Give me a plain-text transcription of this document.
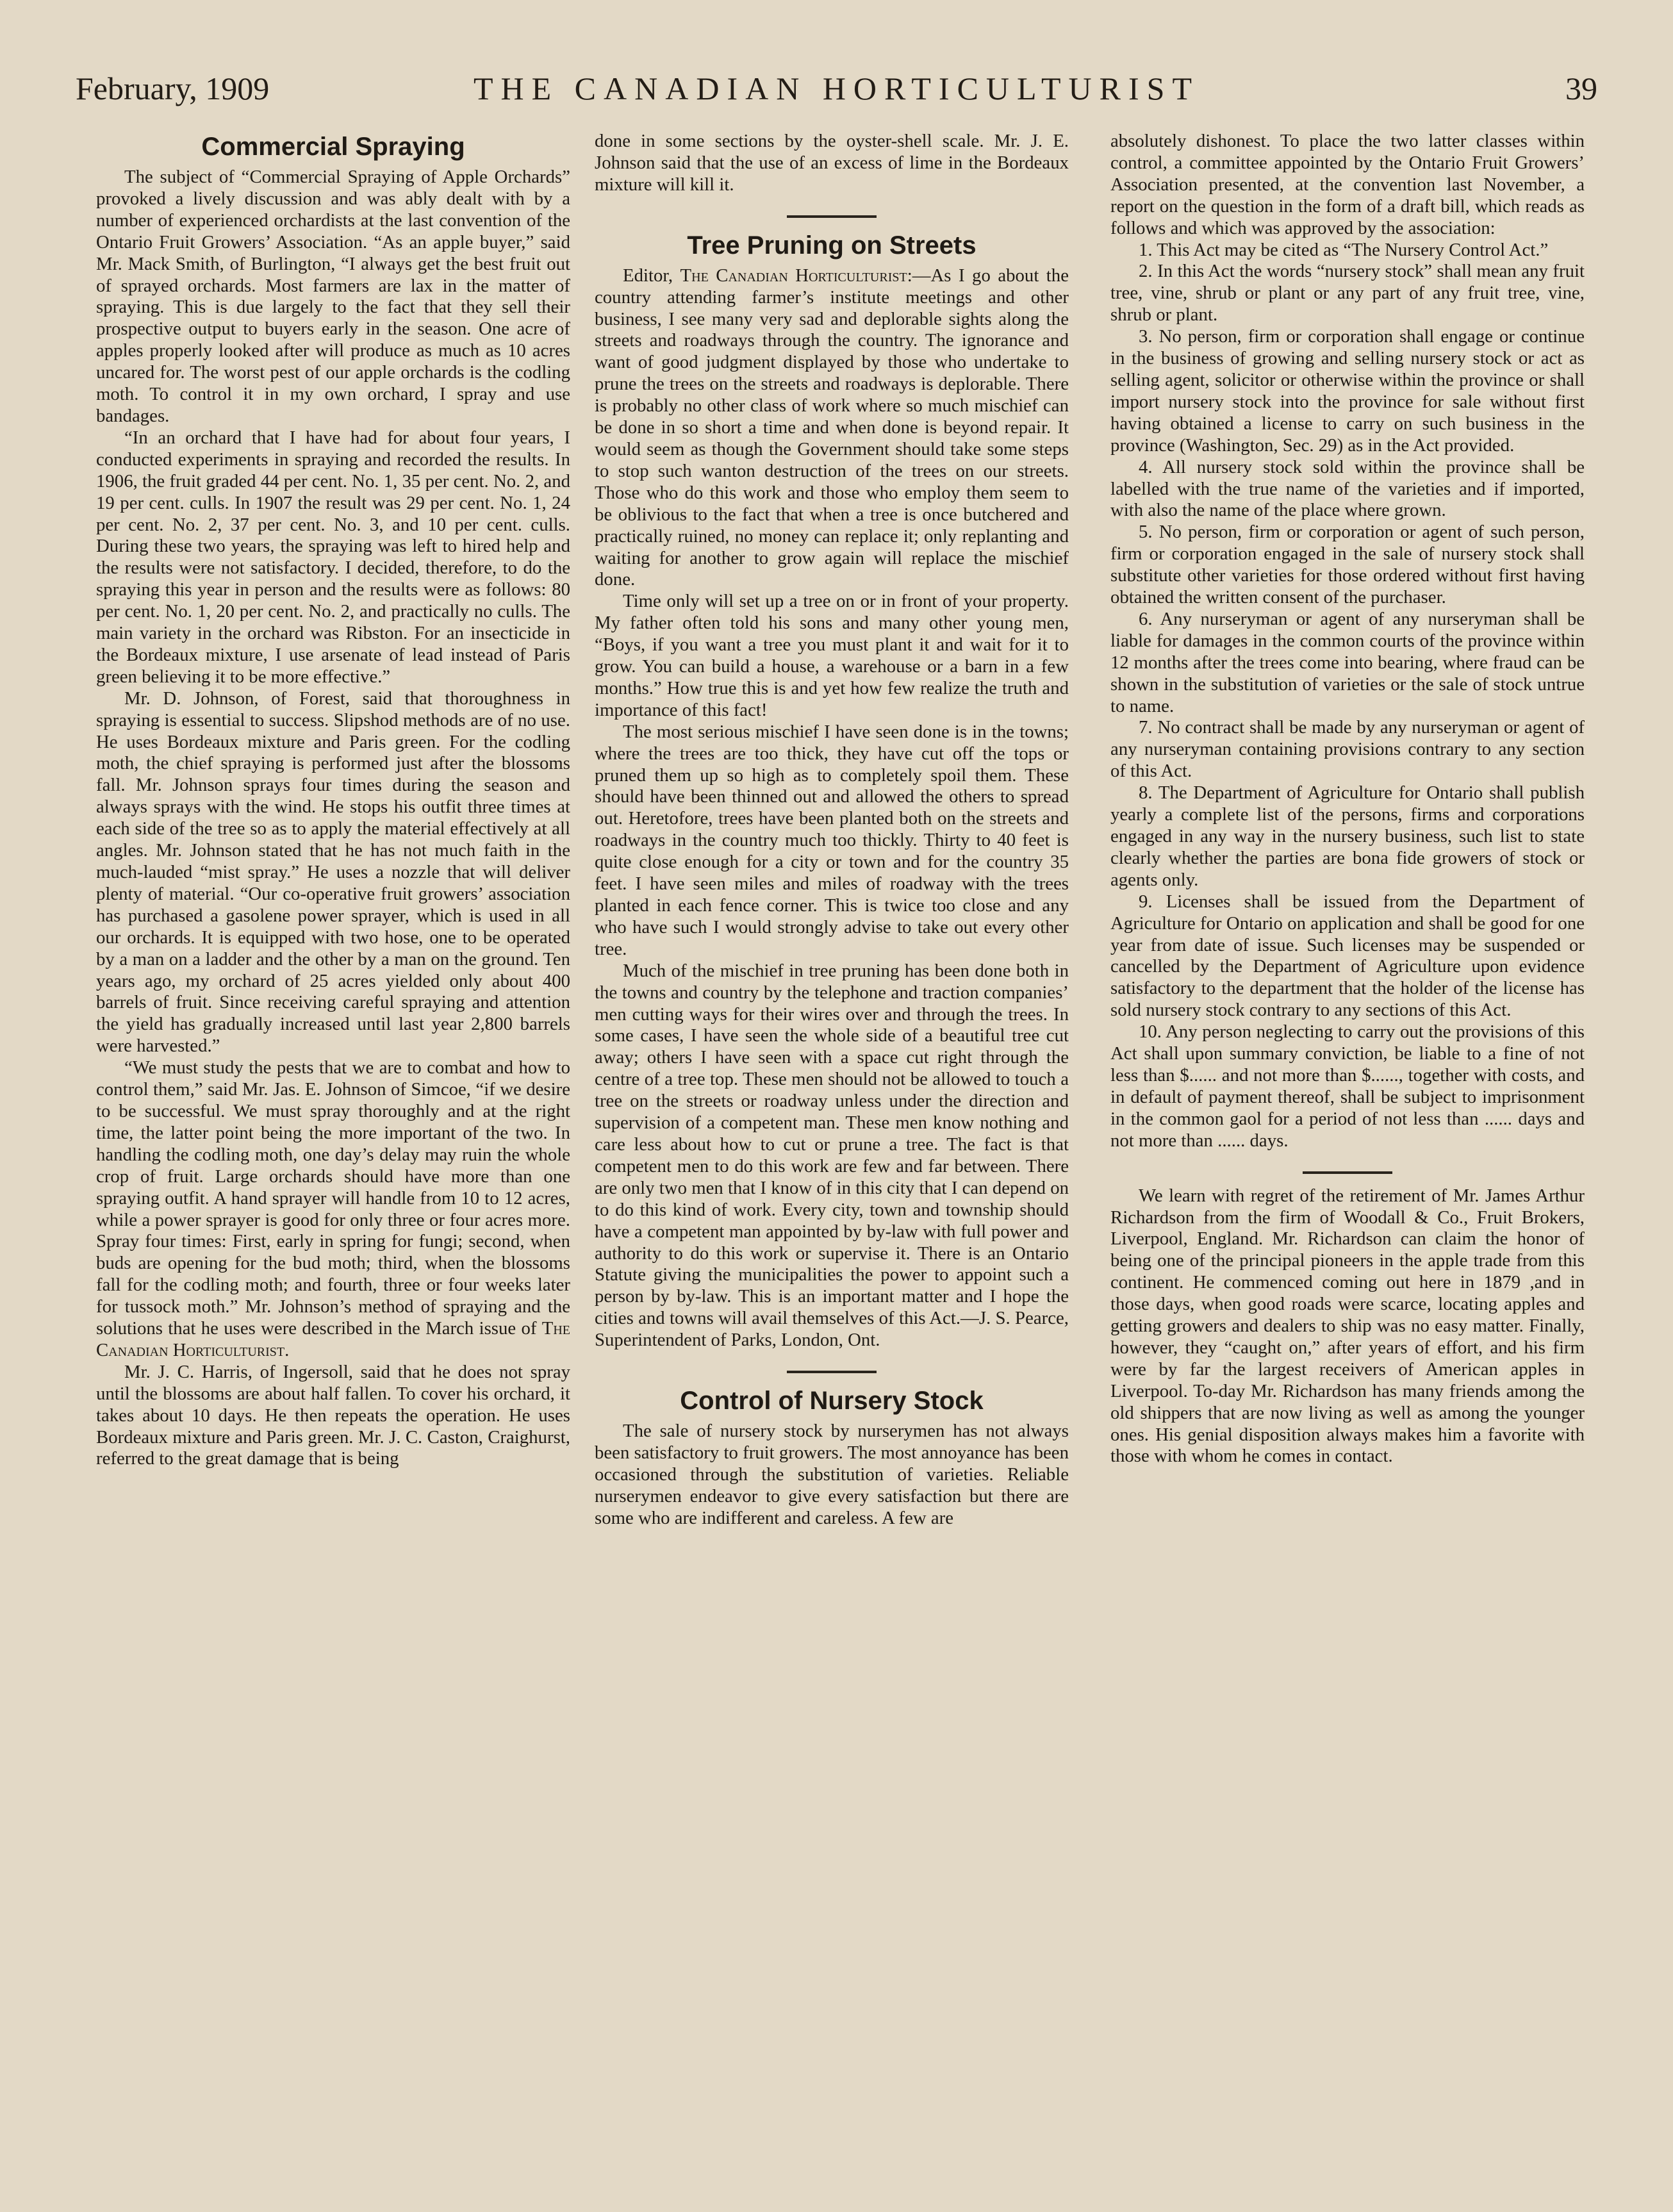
February, 1909	THE CANADIAN HORTICULTURIST	39
Commercial Spraying

The subject of “Commercial Spraying of Apple Orchards” provoked a lively discussion and was ably dealt with by a number of experienced orchardists at the last convention of the Ontario Fruit Growers’ Association. “As an apple buyer,” said Mr. Mack Smith, of Burlington, “I always get the best fruit out of sprayed orchards. Most farmers are lax in the matter of spraying. This is due largely to the fact that they sell their prospective output to buyers early in the season. One acre of apples properly looked after will produce as much as 10 acres uncared for. The worst pest of our apple orchards is the codling moth. To control it in my own orchard, I spray and use bandages.

“In an orchard that I have had for about four years, I conducted experiments in spraying and recorded the results. In 1906, the fruit graded 44 per cent. No. 1, 35 per cent. No. 2, and 19 per cent. culls. In 1907 the result was 29 per cent. No. 1, 24 per cent. No. 2, 37 per cent. No. 3, and 10 per cent. culls. During these two years, the spraying was left to hired help and the results were not satisfactory. I decided, therefore, to do the spraying this year in person and the results were as follows: 80 per cent. No. 1, 20 per cent. No. 2, and practically no culls. The main variety in the orchard was Ribston. For an insecticide in the Bordeaux mixture, I use arsenate of lead instead of Paris green believing it to be more effective.”

Mr. D. Johnson, of Forest, said that thoroughness in spraying is essential to success. Slipshod methods are of no use. He uses Bordeaux mixture and Paris green. For the codling moth, the chief spraying is performed just after the blossoms fall. Mr. Johnson sprays four times during the season and always sprays with the wind. He stops his outfit three times at each side of the tree so as to apply the material effectively at all angles. Mr. Johnson stated that he has not much faith in the much-lauded “mist spray.” He uses a nozzle that will deliver plenty of material. “Our co-operative fruit growers’ association has purchased a gasolene power sprayer, which is used in all our orchards. It is equipped with two hose, one to be operated by a man on a ladder and the other by a man on the ground. Ten years ago, my orchard of 25 acres yielded only about 400 barrels of fruit. Since receiving careful spraying and attention the yield has gradually increased until last year 2,800 barrels were harvested.”

“We must study the pests that we are to combat and how to control them,” said Mr. Jas. E. Johnson of Simcoe, “if we desire to be successful. We must spray thoroughly and at the right time, the latter point being the more important of the two. In handling the codling moth, one day’s delay may ruin the whole crop of fruit. Large orchards should have more than one spraying outfit. A hand sprayer will handle from 10 to 12 acres, while a power sprayer is good for only three or four acres more. Spray four times: First, early in spring for fungi; second, when buds are opening for the bud moth; third, when the blossoms fall for the codling moth; and fourth, three or four weeks later for tussock moth.” Mr. Johnson’s method of spraying and the solutions that he uses were described in the March issue of The Canadian Horticulturist.

Mr. J. C. Harris, of Ingersoll, said that he does not spray until the blossoms are about half fallen. To cover his orchard, it takes about 10 days. He then repeats the operation. He uses Bordeaux mixture and Paris green. Mr. J. C. Caston, Craighurst, referred to the great damage that is being

done in some sections by the oyster-shell scale. Mr. J. E. Johnson said that the use of an excess of lime in the Bordeaux mixture will kill it.

Tree Pruning on Streets

Editor, The Canadian Horticulturist:—As I go about the country attending farmer’s institute meetings and other business, I see many very sad and deplorable sights along the streets and roadways through the country. The ignorance and want of good judgment displayed by those who undertake to prune the trees on the streets and roadways is deplorable. There is probably no other class of work where so much mischief can be done in so short a time and when done is beyond repair. It would seem as though the Government should take some steps to stop such wanton destruction of the trees on our streets. Those who do this work and those who employ them seem to be oblivious to the fact that when a tree is once butchered and practically ruined, no money can replace it; only replanting and waiting for another to grow again will replace the mischief done.

Time only will set up a tree on or in front of your property. My father often told his sons and many other young men, “Boys, if you want a tree you must plant it and wait for it to grow. You can build a house, a warehouse or a barn in a few months.” How true this is and yet how few realize the truth and importance of this fact!

The most serious mischief I have seen done is in the towns; where the trees are too thick, they have cut off the tops or pruned them up so high as to completely spoil them. These should have been thinned out and allowed the others to spread out. Heretofore, trees have been planted both on the streets and roadways in the country much too thickly. Thirty to 40 feet is quite close enough for a city or town and for the country 35 feet. I have seen miles and miles of roadway with the trees planted in each fence corner. This is twice too close and any who have such I would strongly advise to take out every other tree.

Much of the mischief in tree pruning has been done both in the towns and country by the telephone and traction companies’ men cutting ways for their wires over and through the trees. In some cases, I have seen the whole side of a beautiful tree cut away; others I have seen with a space cut right through the centre of a tree top. These men should not be allowed to touch a tree on the streets or roadway unless under the direction and supervision of a competent man. These men know nothing and care less about how to cut or prune a tree. The fact is that competent men to do this work are few and far between. There are only two men that I know of in this city that I can depend on to do this kind of work. Every city, town and township should have a competent man appointed by by-law with full power and authority to do this work or supervise it. There is an Ontario Statute giving the municipalities the power to appoint such a person by by-law. This is an important matter and I hope the cities and towns will avail themselves of this Act.—J. S. Pearce, Superintendent of Parks, London, Ont.

Control of Nursery Stock

The sale of nursery stock by nurserymen has not always been satisfactory to fruit growers. The most annoyance has been occasioned through the substitution of varieties. Reliable nurserymen endeavor to give every satisfaction but there are some who are indifferent and careless. A few are

absolutely dishonest. To place the two latter classes within control, a committee appointed by the Ontario Fruit Growers’ Association presented, at the convention last November, a report on the question in the form of a draft bill, which reads as follows and which was approved by the association:

1. This Act may be cited as “The Nursery Control Act.”

2. In this Act the words “nursery stock” shall mean any fruit tree, vine, shrub or plant or any part of any fruit tree, vine, shrub or plant.

3. No person, firm or corporation shall engage or continue in the business of growing and selling nursery stock or act as selling agent, solicitor or otherwise within the province or shall import nursery stock into the province for sale without first having obtained a license to carry on such business in the province (Washington, Sec. 29) as in the Act provided.

4. All nursery stock sold within the province shall be labelled with the true name of the varieties and if imported, with also the name of the place where grown.

5. No person, firm or corporation or agent of such person, firm or corporation engaged in the sale of nursery stock shall substitute other varieties for those ordered without first having obtained the written consent of the purchaser.

6. Any nurseryman or agent of any nurseryman shall be liable for damages in the common courts of the province within 12 months after the trees come into bearing, where fraud can be shown in the substitution of varieties or the sale of stock untrue to name.

7. No contract shall be made by any nurseryman or agent of any nurseryman containing provisions contrary to any section of this Act.

8. The Department of Agriculture for Ontario shall publish yearly a complete list of the persons, firms and corporations engaged in any way in the nursery business, such list to state clearly whether the parties are bona fide growers of stock or agents only.

9. Licenses shall be issued from the Department of Agriculture for Ontario on application and shall be good for one year from date of issue. Such licenses may be suspended or cancelled by the Department of Agriculture upon evidence satisfactory to the department that the holder of the license has sold nursery stock contrary to any sections of this Act.

10. Any person neglecting to carry out the provisions of this Act shall upon summary conviction, be liable to a fine of not less than $...... and not more than $......, together with costs, and in default of payment thereof, shall be subject to imprisonment in the common gaol for a period of not less than ...... days and not more than ...... days.

We learn with regret of the retirement of Mr. James Arthur Richardson from the firm of Woodall & Co., Fruit Brokers, Liverpool, England. Mr. Richardson can claim the honor of being one of the principal pioneers in the apple trade from this continent. He commenced coming out here in 1879 ,and in those days, when good roads were scarce, locating apples and getting growers and dealers to ship was no easy matter. Finally, however, they “caught on,” after years of effort, and his firm were by far the largest receivers of American apples in Liverpool. To-day Mr. Richardson has many friends among the old shippers that are now living as well as among the younger ones. His genial disposition always makes him a favorite with those with whom he comes in contact.
